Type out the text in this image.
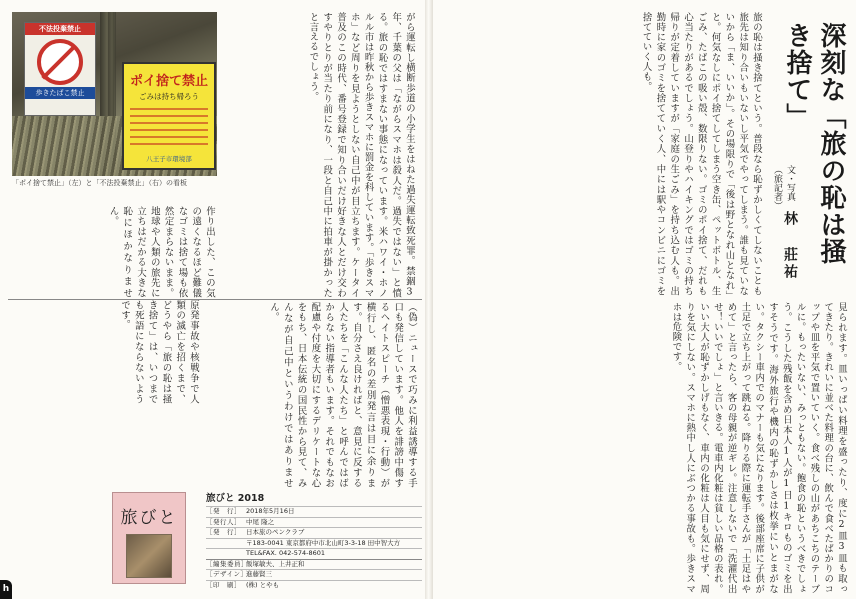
深刻な「旅の恥は掻き捨て」
文・写真 林 莊祐 （旅記者）
旅の恥は掻き捨てという。普段なら恥ずかしくてしないことも旅先は知り合いもいないし平気でやってしまう。誰も見ていないから「ま、いいか」。その場限りで「後は野となれ山となれ」と。何気なしにポイ捨てしてしまう空き缶、ペットボトル、生ごみ、たばこの吸い殻、数限りない。ゴミのポイ捨て、だれも心当たりがあるでしょう。山登りやハイキングではゴミの持ち帰りが定着していますが「家庭の生ごみ」を持ち込む人も。出勤時に家のゴミを捨てていく人、中には駅やコンビニにゴミを捨てていく人も。
見られます。皿いっぱい料理を盛ったり、度に2皿3皿も取ってきたり。きれいに並べた料理の台に、飲んで食べたばかりのコップや皿を平気で置いていく。食べ残しの山があちこちのテーブルに。もったいない、みっともない。飽食の恥というべきでしょう。こうした残飯を含め日本人1人が1日1キロものゴミを出すそうです。海外旅行や機内の恥ずかしさは枚挙にいとまがない。タクシー車内でのマナーも気になります。後部座席に子供が土足で立ち上がって跳ねる。降りる際に運転手さんが「土足はやめて」と言ったら、客の母親が逆ギレ。注意しないで「洗濯代出せ！いいでしょ」と言いきる。電車内化粧は貧しい品格の表れ。いい大人が恥ずかしげもなく、車内の化粧は人目も気にせず、周りを気にしない。スマホに熱中し人にぶつかる事故も。歩きスマホは危険です。
不法投棄禁止
歩きたばこ禁止
ポイ捨て禁止
ごみは持ち帰ろう
八王子市環境部
「ポイ捨て禁止」（左）と「不法投棄禁止」（右）の看板	がら運転し横断歩道の小学生をはねた過失運転致死罪。禁錮3年、千葉の父は「ながらスマホは殺人だ。過失ではない」と憤る。旅の恥ではすまない事態になっています。米ハワイ・ホノルル市は昨秋から歩きスマホに罰金を科しています。「歩きスマホ」など周りを見ようとしない自己中が目立ちます。ケータイ普及のこの時代、番号登録で知り合いだけ好きな人とだけ交わすやりとりが当たり前になり、一段と自己中に拍車が掛かったと言えるでしょう。
作り出した、この気の遠くなるほど難儀なゴミは捨て場も依然定まらないまま。地球や人類の旅先に立ちはだかる大きな恥にほかなりません。
（偽）ニュースで巧みに利益誘導する手口も発信しています。他人を誹謗中傷するヘイトスピーチ（憎悪表現・行動）が横行し、匿名の差別発言は目に余ります。自分さえ良ければと、意見に反する人たちを「こんな人たち」と呼んではばからない指導者もいます。それでもなお配慮や付度を大切にするデリケートな心をもち、日本伝統の国民性から見て、みんなが自己中というわけではありません。
原発事故や核戦争で人類の滅亡を招くまで、どうやら「旅の恥は掻き捨て」は、いつまでも死語にならないようです。
旅びと
旅びと 2018
［発　行］ 2018年5月16日
［発行人］ 中尾 隆之
［発　行］ 日本旅のペンクラブ
〒183-0041 東京都府中市北山町3-3-18 田中智大方
TEL&FAX. 042-574-8601
［編集委員］
飯塚敏夫、上井正和
［デザイン］
進藤賢三
［印　刷］ (株) とやも
h
